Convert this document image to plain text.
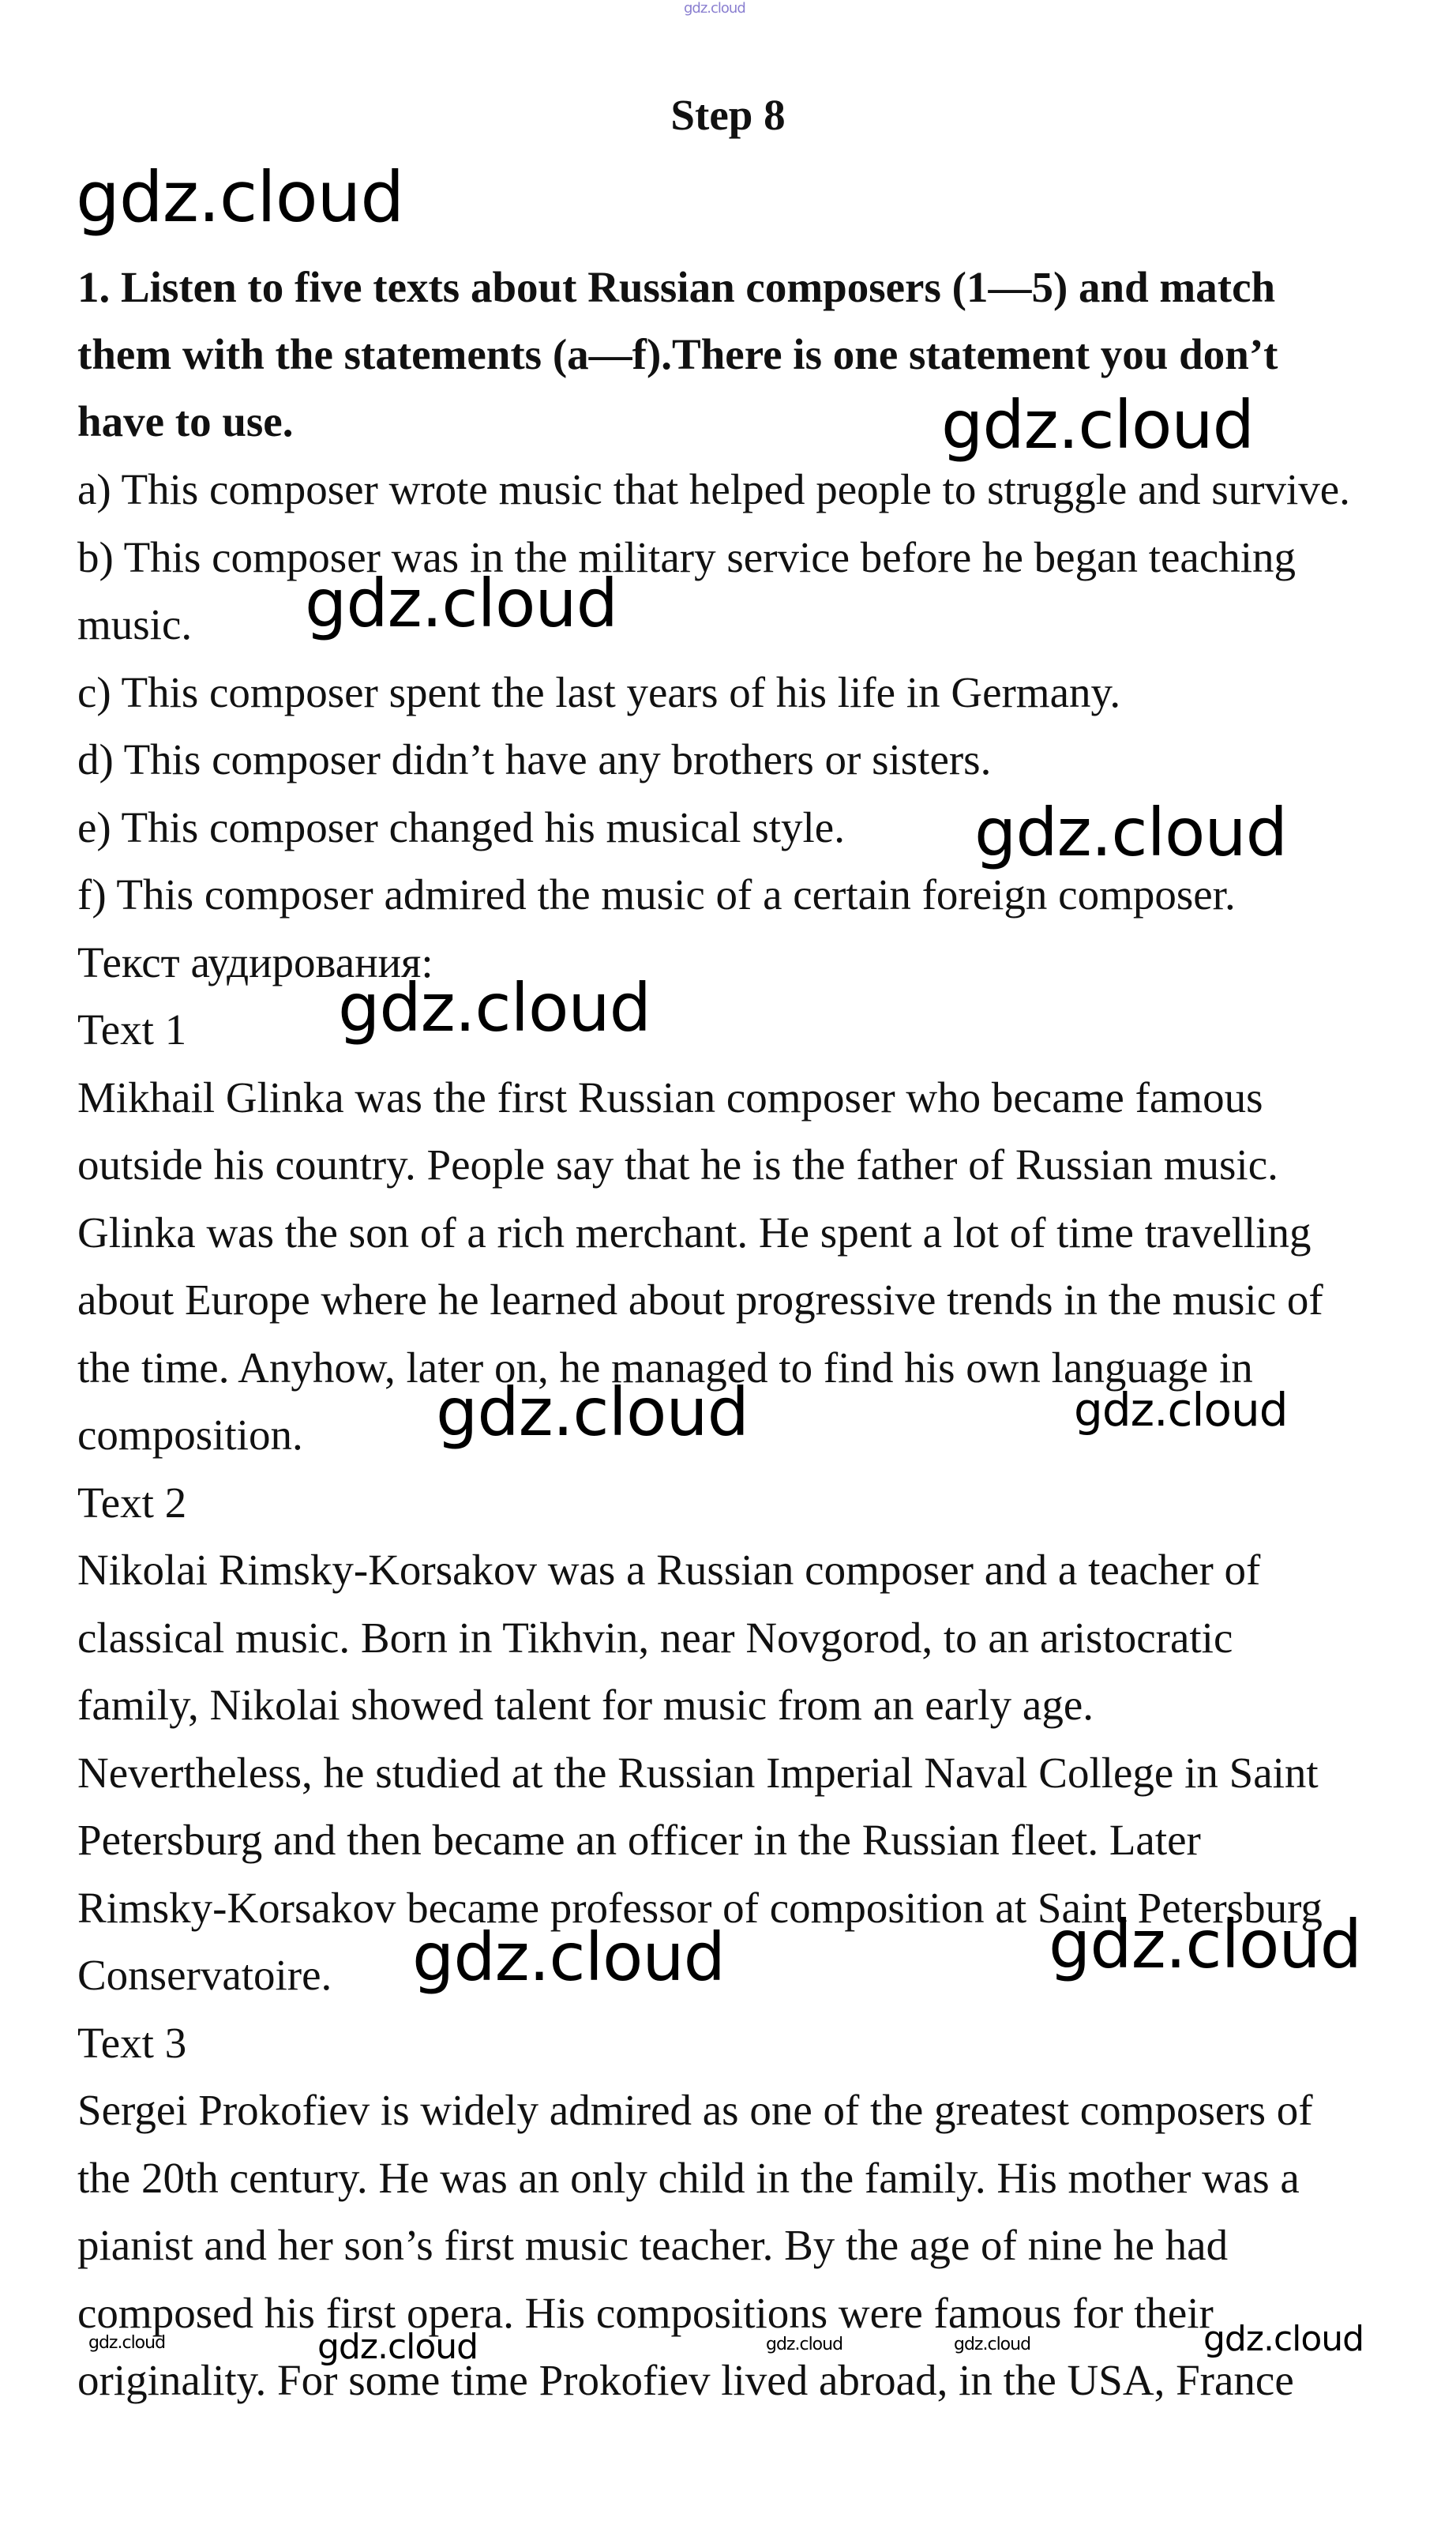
gdz.cloud
Step 8
1. Listen to five texts about Russian composers (1—5) and match
them with the statements (a—f).There is one statement you don’t
have to use.
a) This composer wrote music that helped people to struggle and survive.
b) This composer was in the military service before he began teaching
music.
c) This composer spent the last years of his life in Germany.
d) This composer didn’t have any brothers or sisters.
e) This composer changed his musical style.
f) This composer admired the music of a certain foreign composer.
Текст аудирования:
Text 1
Mikhail Glinka was the first Russian composer who became famous
outside his country. People say that he is the father of Russian music.
Glinka was the son of a rich merchant. He spent a lot of time travelling
about Europe where he learned about progressive trends in the music of
the time. Anyhow, later on, he managed to find his own language in
composition.
Text 2
Nikolai Rimsky-Korsakov was a Russian composer and a teacher of
classical music. Born in Tikhvin, near Novgorod, to an aristocratic
family, Nikolai showed talent for music from an early age.
Nevertheless, he studied at the Russian Imperial Naval College in Saint
Petersburg and then became an officer in the Russian fleet. Later
Rimsky-Korsakov became professor of composition at Saint Petersburg
Conservatoire.
Text 3
Sergei Prokofiev is widely admired as one of the greatest composers of
the 20th century. He was an only child in the family. His mother was a
pianist and her son’s first music teacher. By the age of nine he had
composed his first opera. His compositions were famous for their
originality. For some time Prokofiev lived abroad, in the USA, France
gdz.cloud
gdz.cloud
gdz.cloud
gdz.cloud
gdz.cloud
gdz.cloud	gdz.cloud
gdz.cloud	gdz.cloud
gdz.cloud	gdz.cloud	gdz.cloud	gdz.cloud	gdz.cloud
